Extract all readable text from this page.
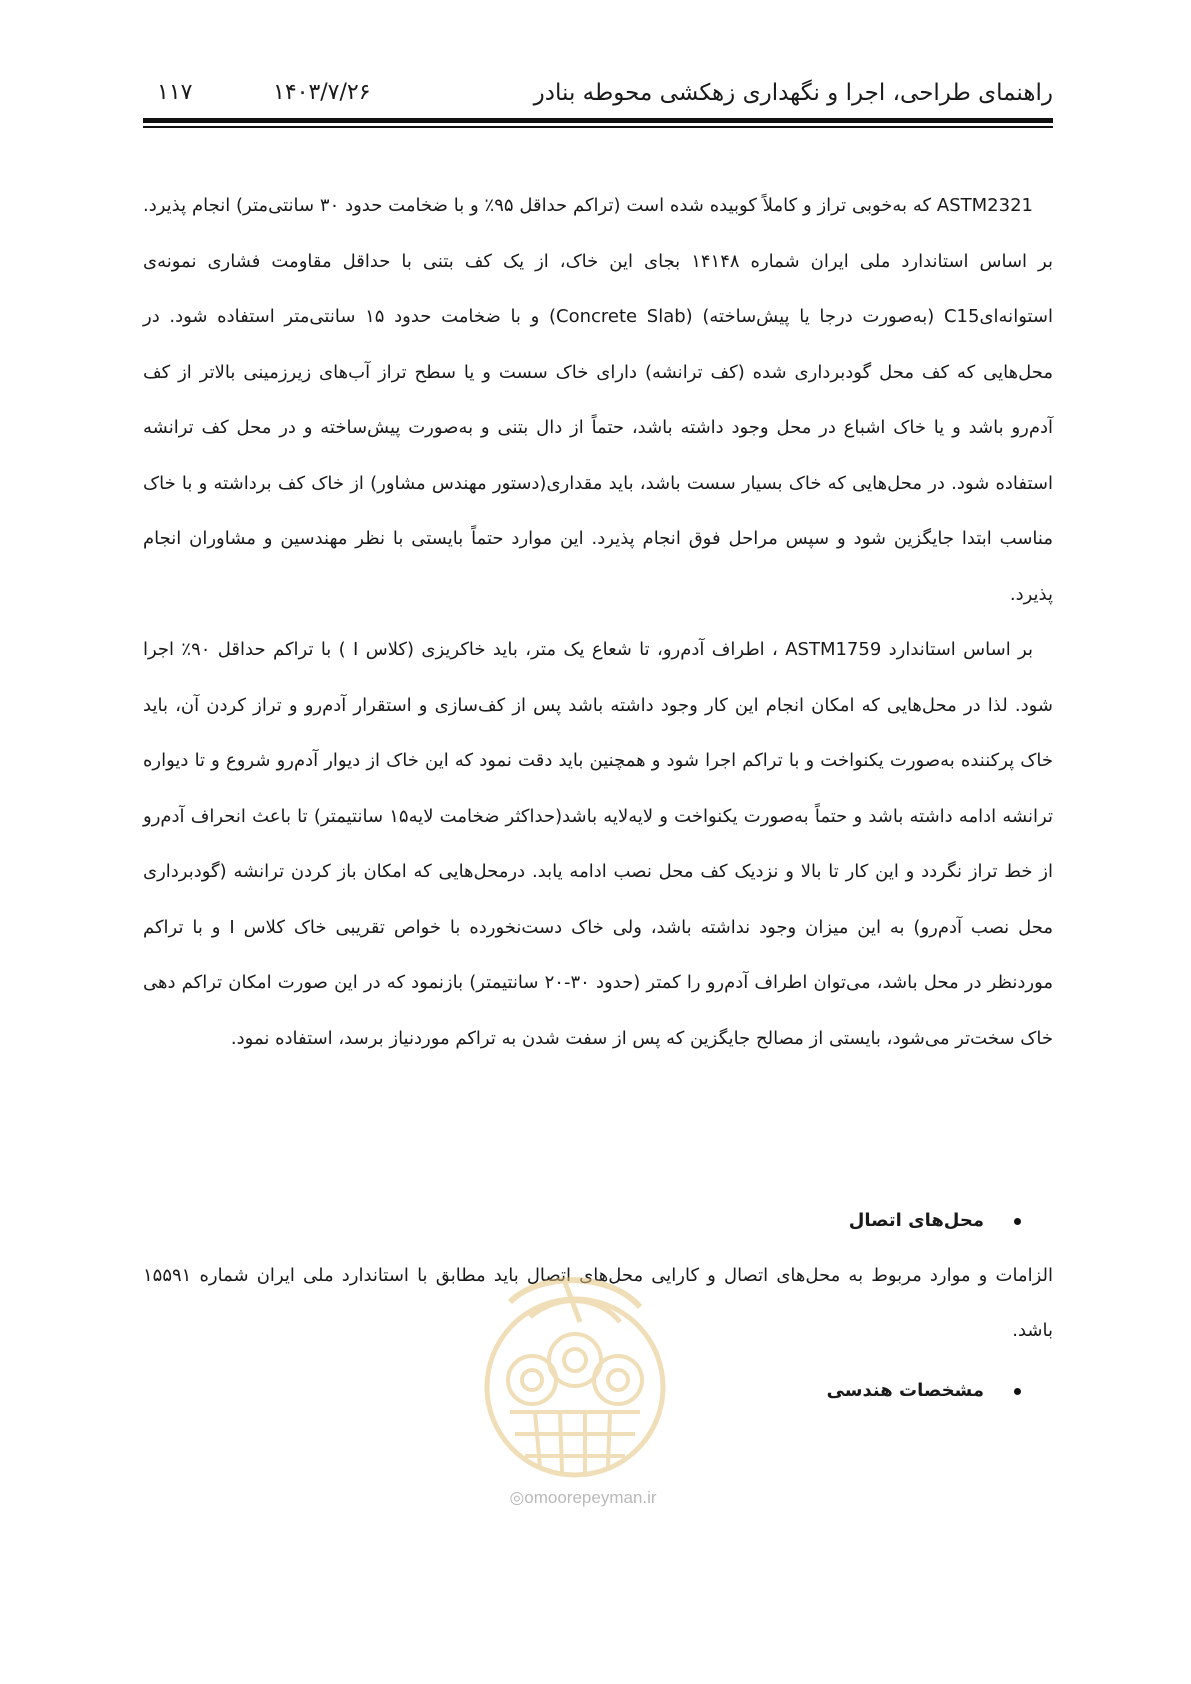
راهنمای طراحی، اجرا و نگهداری زهکشی محوطه بنادر
۱۴۰۳/۷/۲۶
۱۱۷

ASTM2321 که به‌خوبی تراز و کاملاً کوبیده شده است (تراکم حداقل ۹۵٪ و با ضخامت حدود ۳۰ سانتی‌متر) انجام پذیرد. بر اساس استاندارد ملی ایران شماره ۱۴۱۴۸ بجای این خاک، از یک کف بتنی با حداقل مقاومت فشاری نمونه‌ی استوانه‌ایC15 (به‌صورت درجا یا پیش‌ساخته) (Concrete Slab) و با ضخامت حدود ۱۵ سانتی‌متر استفاده شود. در محل‌هایی که کف محل گودبرداری شده (کف ترانشه) دارای خاک سست و یا سطح تراز آب‌های زیرزمینی بالاتر از کف آدم‌رو باشد و یا خاک اشباع در محل وجود داشته باشد، حتماً از دال بتنی و به‌صورت پیش‌ساخته و در محل کف ترانشه استفاده شود. در محل‌هایی که خاک بسیار سست باشد، باید مقداری(دستور مهندس مشاور) از خاک کف برداشته و با خاک مناسب ابتدا جایگزین شود و سپس مراحل فوق انجام پذیرد. این موارد حتماً بایستی با نظر مهندسین و مشاوران انجام پذیرد.

بر اساس استاندارد ASTM1759 ، اطراف آدم‌رو، تا شعاع یک متر، باید خاکریزی (کلاس I ) با تراکم حداقل ۹۰٪ اجرا شود. لذا در محل‌هایی که امکان انجام این کار وجود داشته باشد پس از کف‌سازی و استقرار آدم‌رو و تراز کردن آن، باید خاک پرکننده به‌صورت یکنواخت و با تراکم اجرا شود و همچنین باید دقت نمود که این خاک از دیوار آدم‌رو شروع و تا دیواره ترانشه ادامه داشته باشد و حتماً به‌صورت یکنواخت و لایه‌لایه باشد(حداکثر ضخامت لایه۱۵ سانتیمتر) تا باعث انحراف آدم‌رو از خط تراز نگردد و این کار تا بالا و نزدیک کف محل نصب ادامه یابد. درمحل‌هایی که امکان باز کردن ترانشه (گودبرداری محل نصب آدم‌رو) به این میزان وجود نداشته باشد، ولی خاک دست‌نخورده با خواص تقریبی خاک کلاس I و با تراکم موردنظر در محل باشد، می‌توان اطراف آدم‌رو را کمتر (حدود ۳۰-۲۰ سانتیمتر) بازنمود که در این صورت امکان تراکم دهی خاک سخت‌تر می‌شود، بایستی از مصالح جایگزین که پس از سفت شدن به تراکم موردنیاز برسد، استفاده نمود.

محل‌های اتصال
الزامات و موارد مربوط به محل‌های اتصال و کارایی محل‌های اتصال باید مطابق با استاندارد ملی ایران شماره ۱۵۵۹۱ باشد.
مشخصات هندسی
◎omoorepeyman.ir
